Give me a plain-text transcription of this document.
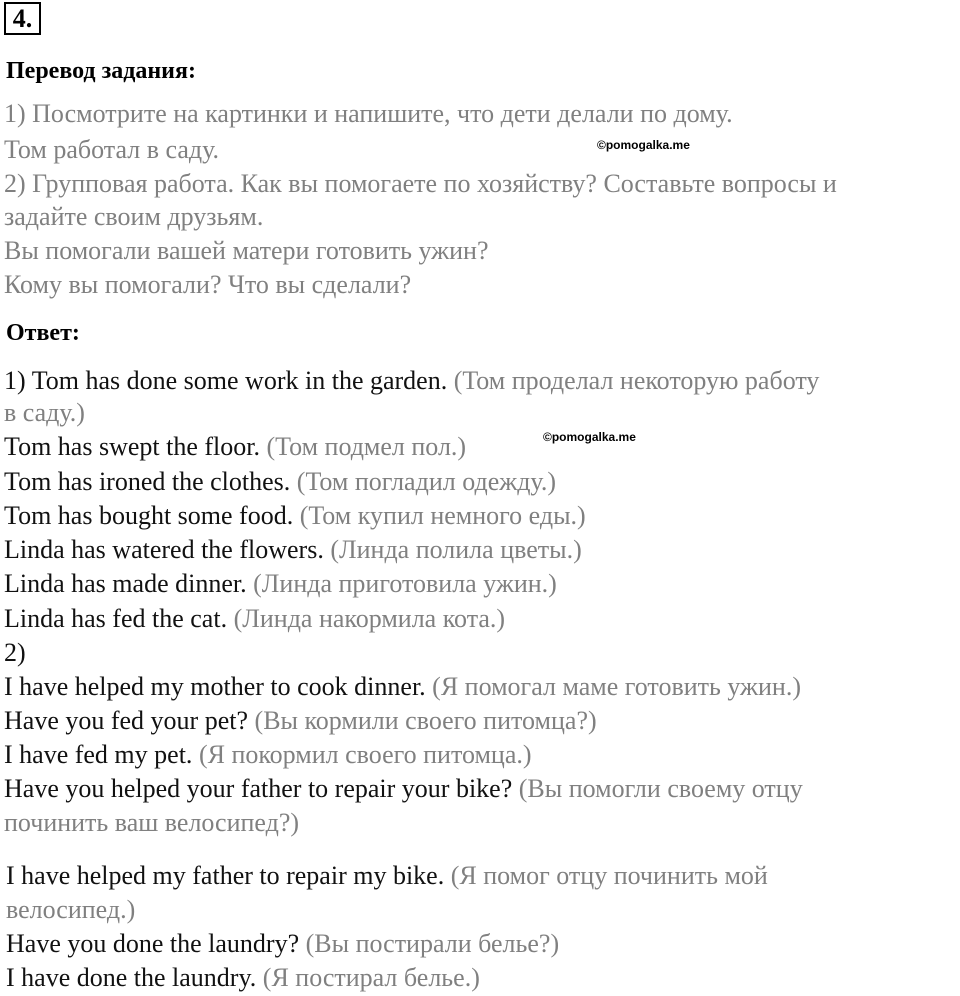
4.
Перевод задания:
1) Посмотрите на картинки и напишите, что дети делали по дому.
Том работал в саду.
2) Групповая работа. Как вы помогаете по хозяйству? Составьте вопросы и
задайте своим друзьям.
Вы помогали вашей матери готовить ужин?
Кому вы помогали? Что вы сделали?
©pomogalka.me
Ответ:
1) Tom has done some work in the garden. (Том проделал некоторую работу
в саду.)
Tom has swept the floor. (Том подмел пол.)	©pomogalka.me
Tom has ironed the clothes. (Том погладил одежду.)
Tom has bought some food. (Том купил немного еды.)
Linda has watered the flowers. (Линда полила цветы.)
Linda has made dinner. (Линда приготовила ужин.)
Linda has fed the cat. (Линда накормила кота.)
2)
I have helped my mother to cook dinner. (Я помогал маме готовить ужин.)
Have you fed your pet? (Вы кормили своего питомца?)
I have fed my pet. (Я покормил своего питомца.)
Have you helped your father to repair your bike? (Вы помогли своему отцу
починить ваш велосипед?)
I have helped my father to repair my bike. (Я помог отцу починить мой
велосипед.)
Have you done the laundry? (Вы постирали белье?)
I have done the laundry. (Я постирал белье.)
